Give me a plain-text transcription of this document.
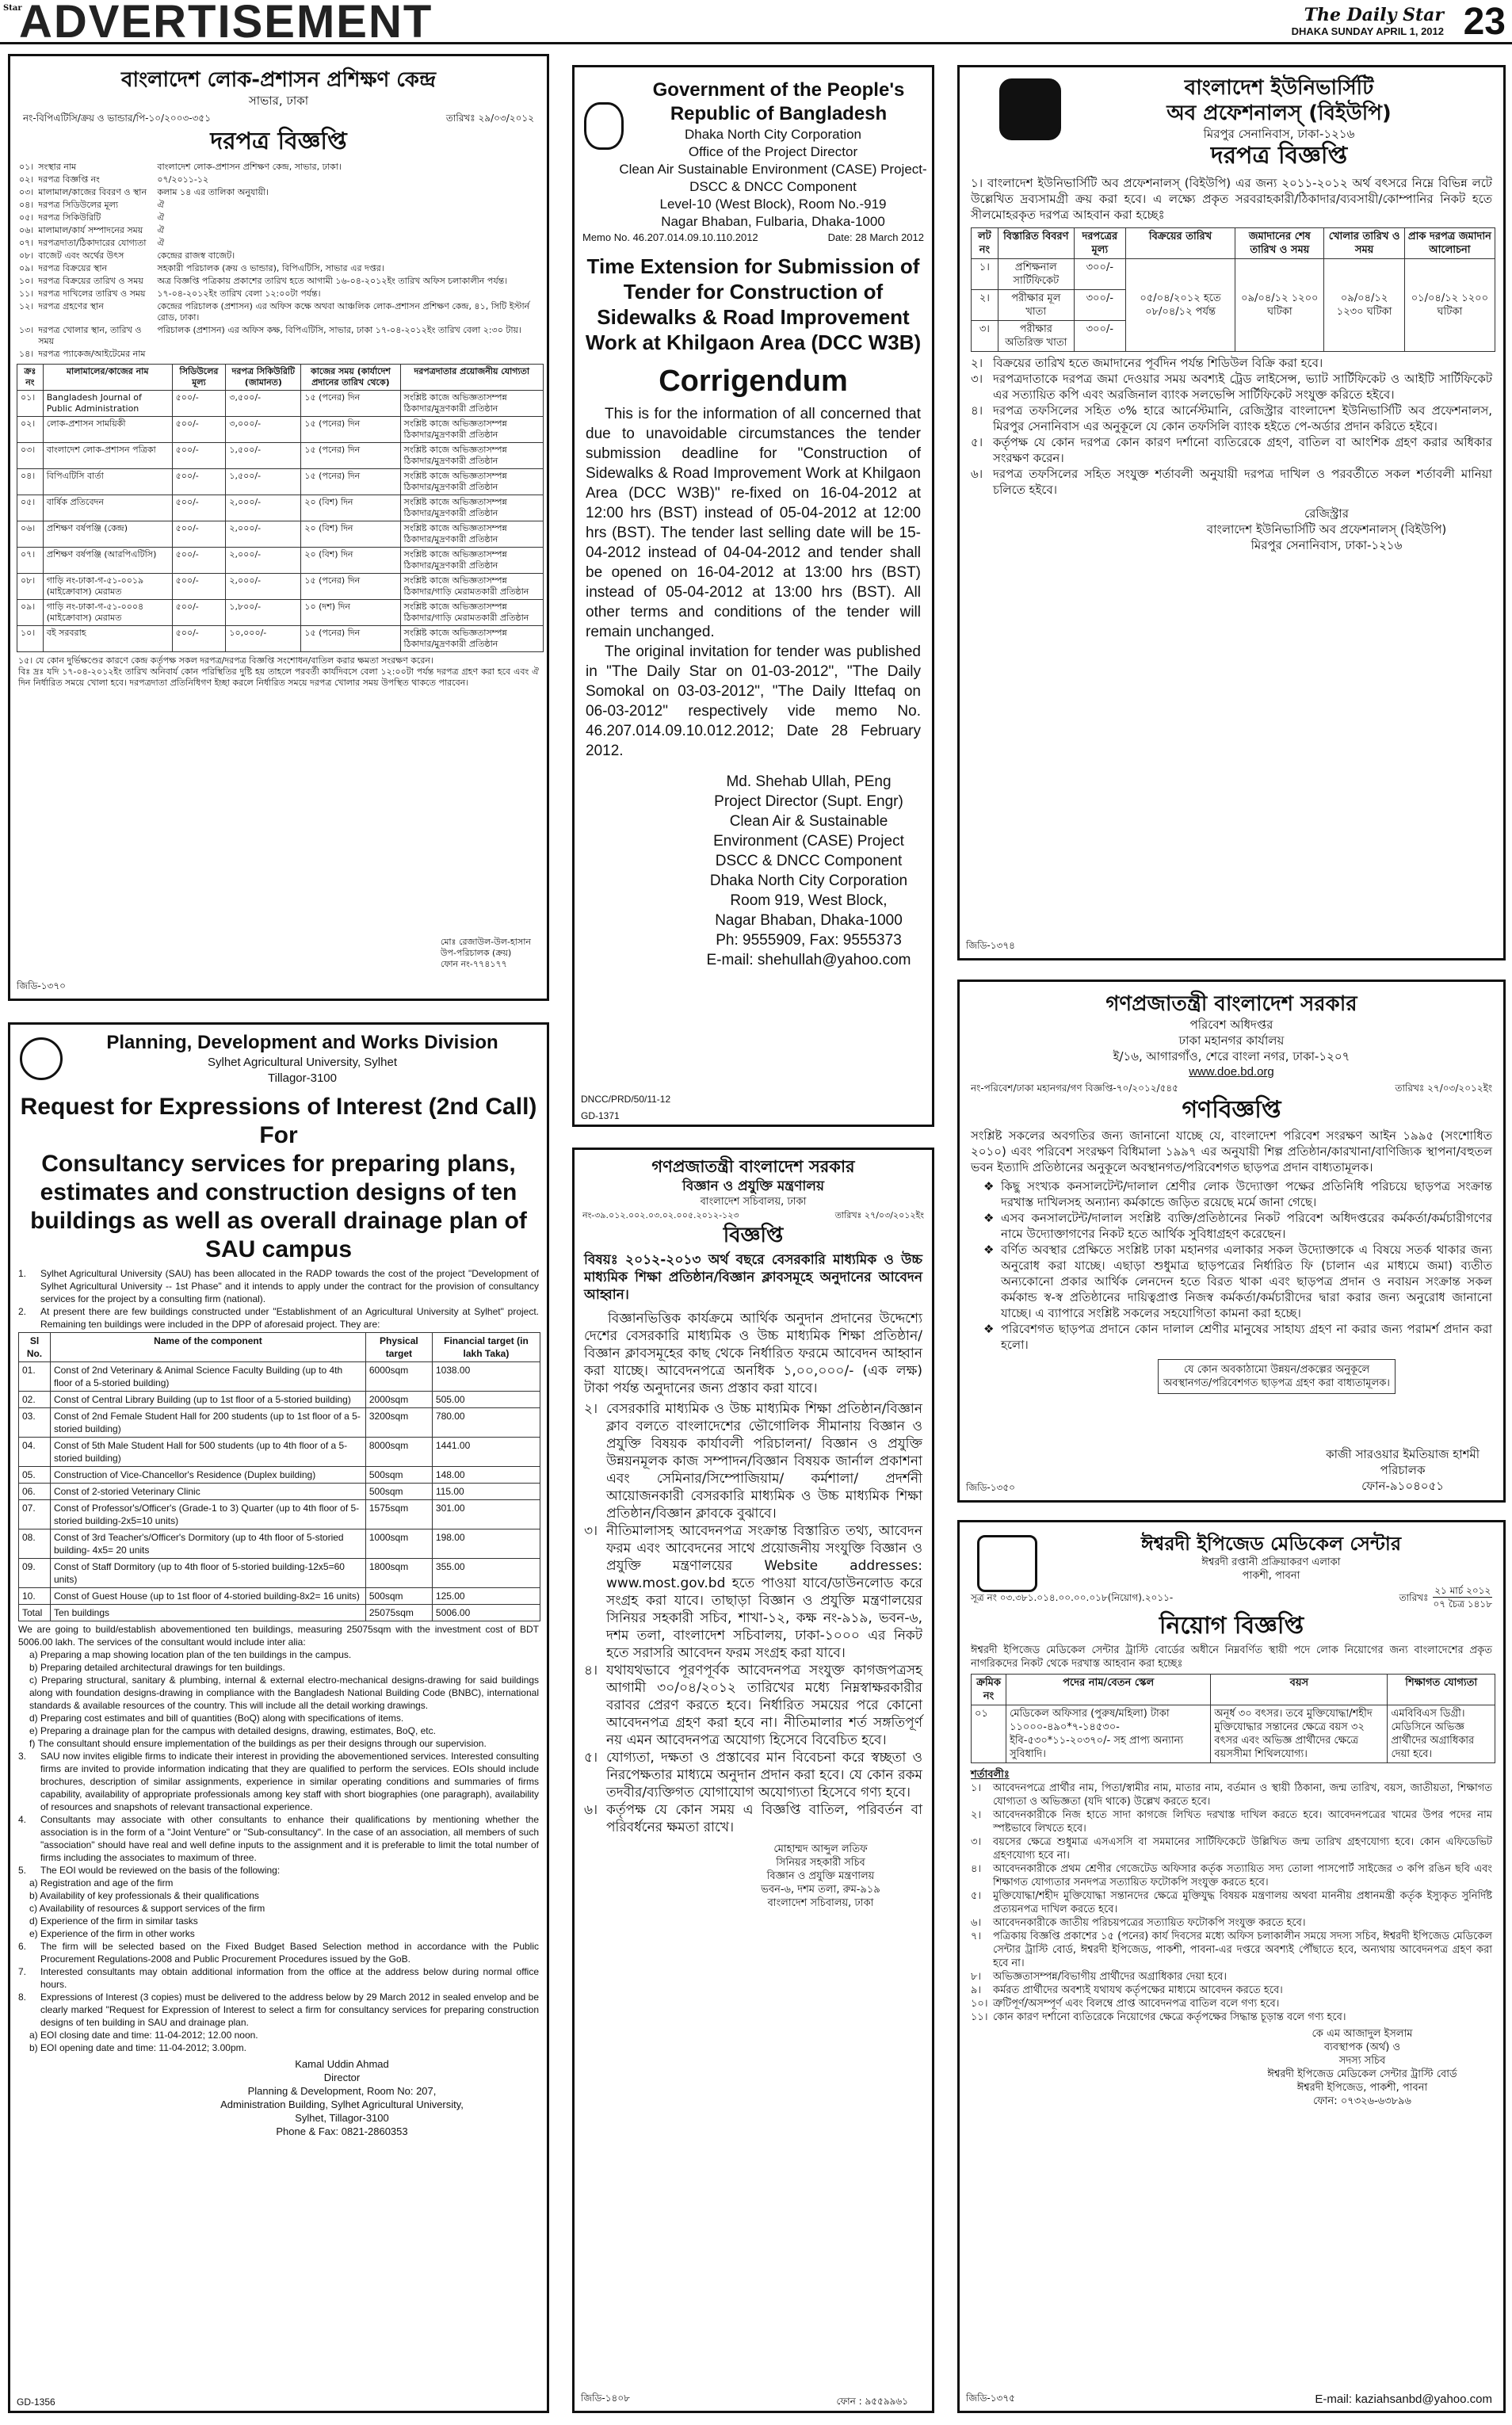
Star
ADVERTISEMENT	The Daily Star
DHAKA SUNDAY APRIL 1, 2012 23
বাংলাদেশ লোক-প্রশাসন প্রশিক্ষণ কেন্দ্র
সাভার, ঢাকা
নং-বিপিএটিসি/ক্রয় ও ভান্ডার/পি-১০/২০০৩-৩৫১	তারিখঃ ২৯/০৩/২০১২
দরপত্র বিজ্ঞপ্তি
০১।	সংস্থার নাম	বাংলাদেশ লোক-প্রশাসন প্রশিক্ষণ কেন্দ্র, সাভার, ঢাকা।
০২।	দরপত্র বিজ্ঞপ্তি নং	০৭/২০১১-১২
০৩।	মালামাল/কাজের বিবরণ ও স্থান	কলাম ১৪ এর তালিকা অনুযায়ী।
০৪।	দরপত্র সিডিউলের মূল্য	ঐ
০৫।	দরপত্র সিকিউরিটি	ঐ
০৬।	মালামাল/কার্য সম্পাদনের সময়	ঐ
০৭।	দরপত্রদাতা/ঠিকাদারের যোগ্যতা	ঐ
০৮।	বাজেট এবং অর্থের উৎস	কেন্দ্রের রাজস্ব বাজেট।
০৯।	দরপত্র বিক্রয়ের স্থান	সহকারী পরিচালক (ক্রয় ও ভান্ডার), বিপিএটিসি, সাভার এর দপ্তর।
১০।	দরপত্র বিক্রয়ের তারিখ ও সময়	অত্র বিজ্ঞপ্তি পত্রিকায় প্রকাশের তারিখ হতে আগামী ১৬-০৪-২০১২ইং তারিখ অফিস চলাকালীন পর্যন্ত।
১১।	দরপত্র দাখিলের তারিখ ও সময়	১৭-০৪-২০১২ইং তারিখ বেলা ১২:০০টা পর্যন্ত।
১২।	দরপত্র গ্রহণের স্থান	কেন্দ্রের পরিচালক (প্রশাসন) এর অফিস কক্ষে অথবা আঞ্চলিক লোক-প্রশাসন প্রশিক্ষণ কেন্দ্র, ৪১, সিটি ইস্টার্ন রোড, ঢাকা।
১৩।	দরপত্র খোলার স্থান, তারিখ ও সময়	পরিচালক (প্রশাসন) এর অফিস কক্ষ, বিপিএটিসি, সাভার, ঢাকা ১৭-০৪-২০১২ইং তারিখ বেলা ২:৩০ টায়।
১৪।	দরপত্র প্যাকেজ/আইটেমের নাম	
ক্রঃ নং	মালামালের/কাজের নাম	সিডিউলের মূল্য	দরপত্র সিকিউরিটি (জামানত)	কাজের সময় (কার্যাদেশ প্রদানের তারিখ থেকে)	দরপত্রদাতার প্রয়োজনীয় যোগ্যতা
০১।	Bangladesh Journal of Public Administration	৫০০/-	৩,৫০০/-	১৫ (পনের) দিন	সংশ্লিষ্ট কাজে অভিজ্ঞতাসম্পন্ন ঠিকাদার/মুদ্রণকারী প্রতিষ্ঠান
০২।	লোক-প্রশাসন সাময়িকী	৫০০/-	৩,০০০/-	১৫ (পনের) দিন	সংশ্লিষ্ট কাজে অভিজ্ঞতাসম্পন্ন ঠিকাদার/মুদ্রণকারী প্রতিষ্ঠান
০৩।	বাংলাদেশ লোক-প্রশাসন পত্রিকা	৫০০/-	১,৫০০/-	১৫ (পনের) দিন	সংশ্লিষ্ট কাজে অভিজ্ঞতাসম্পন্ন ঠিকাদার/মুদ্রণকারী প্রতিষ্ঠান
০৪।	বিপিএটিসি বার্তা	৫০০/-	১,৫০০/-	১৫ (পনের) দিন	সংশ্লিষ্ট কাজে অভিজ্ঞতাসম্পন্ন ঠিকাদার/মুদ্রণকারী প্রতিষ্ঠান
০৫।	বার্ষিক প্রতিবেদন	৫০০/-	২,০০০/-	২০ (বিশ) দিন	সংশ্লিষ্ট কাজে অভিজ্ঞতাসম্পন্ন ঠিকাদার/মুদ্রণকারী প্রতিষ্ঠান
০৬।	প্রশিক্ষণ বর্ষপঞ্জি (কেন্দ্র)	৫০০/-	২,০০০/-	২০ (বিশ) দিন	সংশ্লিষ্ট কাজে অভিজ্ঞতাসম্পন্ন ঠিকাদার/মুদ্রণকারী প্রতিষ্ঠান
০৭।	প্রশিক্ষণ বর্ষপঞ্জি (আরপিএটিসি)	৫০০/-	২,০০০/-	২০ (বিশ) দিন	সংশ্লিষ্ট কাজে অভিজ্ঞতাসম্পন্ন ঠিকাদার/মুদ্রণকারী প্রতিষ্ঠান
০৮।	গাড়ি নং-ঢাকা-গ-৫১-০০১৯ (মাইক্রোবাস) মেরামত	৫০০/-	২,০০০/-	১৫ (পনের) দিন	সংশ্লিষ্ট কাজে অভিজ্ঞতাসম্পন্ন ঠিকাদার/গাড়ি মেরামতকারী প্রতিষ্ঠান
০৯।	গাড়ি নং-ঢাকা-গ-৫১-০০০৪ (মাইক্রোবাস) মেরামত	৫০০/-	১,৮০০/-	১০ (দশ) দিন	সংশ্লিষ্ট কাজে অভিজ্ঞতাসম্পন্ন ঠিকাদার/গাড়ি মেরামতকারী প্রতিষ্ঠান
১০।	বই সরবরাহ	৫০০/-	১০,০০০/-	১৫ (পনের) দিন	সংশ্লিষ্ট কাজে অভিজ্ঞতাসম্পন্ন ঠিকাদার/মুদ্রণকারী প্রতিষ্ঠান
১৫। যে কোন দুর্ভিক্ষণ্ডের কারণে কেন্দ্র কর্তৃপক্ষ সকল দরপত্র/দরপত্র বিজ্ঞপ্তি সংশোধন/বাতিল করার ক্ষমতা সংরক্ষণ করেন।
বিঃ দ্রঃ যদি ১৭-০৪-২০১২ইং তারিখ অনিবার্য কোন পরিস্থিতির দুষ্টি হয় তাহলে পরবর্তী কার্যদিবসে বেলা ১২:০০টা পর্যন্ত দরপত্র গ্রহণ করা হবে এবং ঐ দিন নির্ধারিত সময়ে খোলা হবে। দরপত্রদাতা প্রতিনিধিগণ ইচ্ছা করলে নির্ধারিত সময়ে দরপত্র খোলার সময় উপস্থিত থাকতে পারবেন।
মোঃ রেজাউল-উল-হাসান
উপ-পরিচালক (ক্রয়)
ফোন নং-৭৭৪১৭৭
জিডি-১৩৭০
Government of the People's Republic of Bangladesh
Dhaka North City Corporation
Office of the Project Director
Clean Air Sustainable Environment (CASE) Project-DSCC & DNCC Component
Level-10 (West Block), Room No.-919
Nagar Bhaban, Fulbaria, Dhaka-1000
Memo No. 46.207.014.09.10.110.2012	Date: 28 March 2012
Time Extension for Submission of Tender for Construction of Sidewalks & Road Improvement Work at Khilgaon Area (DCC W3B)
Corrigendum
This is for the information of all concerned that due to unavoidable circumstances the tender submission deadline for "Construction of Sidewalks & Road Improvement Work at Khilgaon Area (DCC W3B)" re-fixed on 16-04-2012 at 12:00 hrs (BST) instead of 05-04-2012 at 12:00 hrs (BST). The tender last selling date will be 15-04-2012 instead of 04-04-2012 and tender shall be opened on 16-04-2012 at 13:00 hrs (BST) instead of 05-04-2012 at 13:00 hrs (BST). All other terms and conditions of the tender will remain unchanged.
The original invitation for tender was published in "The Daily Star on 01-03-2012", "The Daily Somokal on 03-03-2012", "The Daily Ittefaq on 06-03-2012" respectively vide memo No. 46.207.014.09.10.012.2012; Date 28 February 2012.
Md. Shehab Ullah, PEng
Project Director (Supt. Engr)
Clean Air & Sustainable
Environment (CASE) Project
DSCC & DNCC Component
Dhaka North City Corporation
Room 919, West Block,
Nagar Bhaban, Dhaka-1000
Ph: 9555909, Fax: 9555373
E-mail: shehullah@yahoo.com
DNCC/PRD/50/11-12
GD-1371
বাংলাদেশ ইউনিভার্সিটি
অব প্রফেশনালস্ (বিইউপি)
মিরপুর সেনানিবাস, ঢাকা-১২১৬
দরপত্র বিজ্ঞপ্তি
১। বাংলাদেশ ইউনিভার্সিটি অব প্রফেশনালস্ (বিইউপি) এর জন্য ২০১১-২০১২ অর্থ বৎসরে নিম্নে বিভিন্ন লটে উল্লেখিত দ্রব্যসামগ্রী ক্রয় করা হবে। এ লক্ষ্যে প্রকৃত সরবরাহকারী/ঠিকাদার/ব্যবসায়ী/কোম্পানির নিকট হতে সীলমোহরকৃত দরপত্র আহবান করা হচ্ছেঃ
লট নং	বিস্তারিত বিবরণ	দরপত্রের মূল্য	বিক্রয়ের তারিখ	জমাদানের শেষ তারিখ ও সময়	খোলার তারিখ ও সময়	প্রাক দরপত্র জমাদান আলোচনা
১।	প্রশিক্ষনাল সার্টিফিকেট	৩০০/-	০৫/০৪/২০১২ হতে ০৮/০৪/১২ পর্যন্ত	০৯/০৪/১২ ১২০০ ঘটিকা	০৯/০৪/১২ ১২৩০ ঘটিকা	০১/০৪/১২ ১২০০ ঘটিকা
২।	পরীক্ষার মূল খাতা	৩০০/-				
৩।	পরীক্ষার অতিরিক্ত খাতা	৩০০/-				
২। বিক্রয়ের তারিখ হতে জমাদানের পূর্বদিন পর্যন্ত শিডিউল বিক্রি করা হবে।
৩। দরপত্রদাতাকে দরপত্র জমা দেওয়ার সময় অবশ্যই ট্রেড লাইসেন্স, ভ্যাট সার্টিফিকেট ও আইটি সার্টিফিকেট এর সত্যায়িত কপি এবং অরজিনাল ব্যাংক সলভেন্সি সার্টিফিকেট সংযুক্ত করিতে হইবে।
৪। দরপত্র তফসিলের সহিত ৩% হারে আর্নেস্টমানি, রেজিস্ট্রার বাংলাদেশ ইউনিভার্সিটি অব প্রফেশনালস, মিরপুর সেনানিবাস এর অনুকূলে যে কোন তফসিলি ব্যাংক হইতে পে-অর্ডার প্রদান করিতে হইবে।
৫। কর্তৃপক্ষ যে কোন দরপত্র কোন কারণ দর্শানো ব্যতিরেকে গ্রহণ, বাতিল বা আংশিক গ্রহণ করার অধিকার সংরক্ষণ করেন।
৬। দরপত্র তফসিলের সহিত সংযুক্ত শর্তাবলী অনুযায়ী দরপত্র দাখিল ও পরবর্তীতে সকল শর্তাবলী মানিয়া চলিতে হইবে।
রেজিস্ট্রার
বাংলাদেশ ইউনিভার্সিটি অব প্রফেশনালস্ (বিইউপি)
মিরপুর সেনানিবাস, ঢাকা-১২১৬
জিডি-১৩৭৪
গণপ্রজাতন্ত্রী বাংলাদেশ সরকার
পরিবেশ অধিদপ্তর
ঢাকা মহানগর কার্যালয়
ই/১৬, আগারগাঁও, শেরে বাংলা নগর, ঢাকা-১২০৭
www.doe.bd.org
নং-পরিবেশ/ঢাকা মহানগর/গণ বিজ্ঞপ্তি-৭০/২০১২/৫৪৫	তারিখঃ ২৭/০৩/২০১২ইং
গণবিজ্ঞপ্তি
সংশ্লিষ্ট সকলের অবগতির জন্য জানানো যাচ্ছে যে, বাংলাদেশ পরিবেশ সংরক্ষণ আইন ১৯৯৫ (সংশোধিত ২০১০) এবং পরিবেশ সংরক্ষণ বিধিমালা ১৯৯৭ এর অনুযায়ী শিল্প প্রতিষ্ঠান/কারখানা/বাণিজ্যিক স্থাপনা/বহুতল ভবন ইত্যাদি প্রতিষ্ঠানের অনুকূলে অবস্থানগত/পরিবেশগত ছাড়পত্র প্রদান বাধ্যতামূলক।
❖ কিছু সংখ্যক কনসালটেন্ট/দালাল শ্রেণীর লোক উদ্যোক্তা পক্ষের প্রতিনিধি পরিচয়ে ছাড়পত্র সংক্রান্ত দরখাস্ত দাখিলসহ অন্যান্য কর্মকান্ডে জড়িত রয়েছে মর্মে জানা গেছে।
❖ এসব কনসালটেন্ট/দালাল সংশ্লিষ্ট ব্যক্তি/প্রতিষ্ঠানের নিকট পরিবেশ অধিদপ্তরের কর্মকর্তা/কর্মচারীগণের নামে উদ্যোক্তাগণের নিকট হতে আর্থিক সুবিধাগ্রহণ করেছেন।
❖ বর্ণিত অবস্থার প্রেক্ষিতে সংশ্লিষ্ট ঢাকা মহানগর এলাকার সকল উদ্যোক্তাকে এ বিষয়ে সতর্ক থাকার জন্য অনুরোধ করা যাচ্ছে। এছাড়া শুধুমাত্র ছাড়পত্রের নির্ধারিত ফি (চালান এর মাধ্যমে জমা) ব্যতীত অন্যকোনো প্রকার আর্থিক লেনদেন হতে বিরত থাকা এবং ছাড়পত্র প্রদান ও নবায়ন সংক্রান্ত সকল কর্মকান্ড স্ব-স্ব প্রতিষ্ঠানের দায়িত্বপ্রাপ্ত নিজস্ব কর্মকর্তা/কর্মচারীদের দ্বারা করার জন্য অনুরোধ জানানো যাচ্ছে। এ ব্যাপারে সংশ্লিষ্ট সকলের সহযোগিতা কামনা করা হচ্ছে।
❖ পরিবেশগত ছাড়পত্র প্রদানে কোন দালাল শ্রেণীর মানুষের সাহায্য গ্রহণ না করার জন্য পরামর্শ প্রদান করা হলো।
যে কোন অবকাঠামো উন্নয়ন/প্রকল্পের অনুকূলে অবস্থানগত/পরিবেশগত ছাড়পত্র গ্রহণ করা বাধ্যতামূলক।
কাজী সারওয়ার ইমতিয়াজ হাশমী
পরিচালক
ফোন-৯১০৪০৫১
জিডি-১৩৫০
Planning, Development and Works Division
Sylhet Agricultural University, Sylhet
Tillagor-3100
Request for Expressions of Interest (2nd Call)
For
Consultancy services for preparing plans, estimates and construction designs of ten buildings as well as overall drainage plan of SAU campus
1.	Sylhet Agricultural University (SAU) has been allocated in the RADP towards the cost of the project "Development of Sylhet Agricultural University -- 1st Phase" and it intends to apply under the contract for the provision of consultancy services for the project by a consulting firm (national).
2.	At present there are few buildings constructed under "Establishment of an Agricultural University at Sylhet" project. Remaining ten buildings were included in the DPP of aforesaid project. They are:
Sl No.	Name of the component	Physical target	Financial target (in lakh Taka)
01.	Const of 2nd Veterinary & Animal Science Faculty Building (up to 4th floor of a 5-storied building)	6000sqm	1038.00
02.	Const of Central Library Building (up to 1st floor of a 5-storied building)	2000sqm	505.00
03.	Const of 2nd Female Student Hall for 200 students (up to 1st floor of a 5-storied building)	3200sqm	780.00
04.	Const of 5th Male Student Hall for 500 students (up to 4th floor of a 5-storied building)	8000sqm	1441.00
05.	Construction of Vice-Chancellor's Residence (Duplex building)	500sqm	148.00
06.	Const of 2-storied Veterinary Clinic	500sqm	115.00
07.	Const of Professor's/Officer's (Grade-1 to 3) Quarter (up to 4th floor of 5-storied building-2x5=10 units)	1575sqm	301.00
08.	Const of 3rd Teacher's/Officer's Dormitory (up to 4th floor of 5-storied building- 4x5= 20 units	1000sqm	198.00
09.	Const of Staff Dormitory (up to 4th floor of 5-storied building-12x5=60 units)	1800sqm	355.00
10.	Const of Guest House (up to 1st floor of 4-storied building-8x2= 16 units)	500sqm	125.00
Total	Ten buildings	25075sqm	5006.00
We are going to build/establish abovementioned ten buildings, measuring 25075sqm with the investment cost of BDT 5006.00 lakh. The services of the consultant would include inter alia:
a) Preparing a map showing location plan of the ten buildings in the campus.
b) Preparing detailed architectural drawings for ten buildings.
c) Preparing structural, sanitary & plumbing, internal & external electro-mechanical designs-drawing for said buildings along with foundation designs-drawing in compliance with the Bangladesh National Building Code (BNBC), international standards & available resources of the country. This will include all the detail working drawings.
d) Preparing cost estimates and bill of quantities (BoQ) along with specifications of items.
e) Preparing a drainage plan for the campus with detailed designs, drawing, estimates, BoQ, etc.
f) The consultant should ensure implementation of the buildings as per their designs through our supervision.
3.	SAU now invites eligible firms to indicate their interest in providing the abovementioned services. Interested consulting firms are invited to provide information indicating that they are qualified to perform the services. EOIs should include brochures, description of similar assignments, experience in similar operating conditions and summaries of firms capability, availability of appropriate professionals among key staff with short biographies (one paragraph), availability of resources and snapshots of relevant transactional experience.
4.	Consultants may associate with other consultants to enhance their qualifications by mentioning whether the association is in the form of a "Joint Venture" or "Sub-consultancy". In the case of an association, all members of such "association" should have real and well define inputs to the assignment and it is preferable to limit the total number of firms including the associates to maximum of three.
5.	The EOI would be reviewed on the basis of the following:
a) Registration and age of the firm
b) Availability of key professionals & their qualifications
c) Availability of resources & support services of the firm
d) Experience of the firm in similar tasks
e) Experience of the firm in other works
6.	The firm will be selected based on the Fixed Budget Based Selection method in accordance with the Public Procurement Regulations-2008 and Public Procurement Procedures issued by the GoB.
7.	Interested consultants may obtain additional information from the office at the address below during normal office hours.
8.	Expressions of Interest (3 copies) must be delivered to the address below by 29 March 2012 in sealed envelop and be clearly marked "Request for Expression of Interest to select a firm for consultancy services for preparing construction designs of ten building in SAU and drainage plan.
a) EOI closing date and time: 11-04-2012; 12.00 noon.
b) EOI opening date and time: 11-04-2012; 3.00pm.
Kamal Uddin Ahmad
Director
Planning & Development, Room No: 207,
Administration Building, Sylhet Agricultural University,
Sylhet, Tillagor-3100
Phone & Fax: 0821-2860353
GD-1356
গণপ্রজাতন্ত্রী বাংলাদেশ সরকার
বিজ্ঞান ও প্রযুক্তি মন্ত্রণালয়
বাংলাদেশ সচিবালয়, ঢাকা
নং-৩৯.০১২.০০২.০৩.০২.০০৫.২০১২-১২৩	তারিখঃ ২৭/০৩/২০১২ইং
বিজ্ঞপ্তি
বিষয়ঃ ২০১২-২০১৩ অর্থ বছরে বেসরকারি মাধ্যমিক ও উচ্চ মাধ্যমিক শিক্ষা প্রতিষ্ঠান/বিজ্ঞান ক্লাবসমূহে অনুদানের আবেদন আহ্বান।
বিজ্ঞানভিত্তিক কার্যক্রমে আর্থিক অনুদান প্রদানের উদ্দেশ্যে দেশের বেসরকারি মাধ্যমিক ও উচ্চ মাধ্যমিক শিক্ষা প্রতিষ্ঠান/বিজ্ঞান ক্লাবসমূহের কাছ থেকে নির্ধারিত ফরমে আবেদন আহ্বান করা যাচ্ছে। আবেদনপত্রে অনধিক ১,০০,০০০/- (এক লক্ষ) টাকা পর্যন্ত অনুদানের জন্য প্রস্তাব করা যাবে।
২। বেসরকারি মাধ্যমিক ও উচ্চ মাধ্যমিক শিক্ষা প্রতিষ্ঠান/বিজ্ঞান ক্লাব বলতে বাংলাদেশের ভৌগোলিক সীমানায় বিজ্ঞান ও প্রযুক্তি বিষয়ক কার্যাবলী পরিচালনা/ বিজ্ঞান ও প্রযুক্তি উন্নয়নমূলক কাজ সম্পাদন/বিজ্ঞান বিষয়ক জার্নাল প্রকাশনা এবং সেমিনার/সিম্পোজিয়াম/ কর্মশালা/ প্রদর্শনী আয়োজনকারী বেসরকারি মাধ্যমিক ও উচ্চ মাধ্যমিক শিক্ষা প্রতিষ্ঠান/বিজ্ঞান ক্লাবকে বুঝাবে।
৩। নীতিমালাসহ আবেদনপত্র সংক্রান্ত বিস্তারিত তথ্য, আবেদন ফরম এবং আবেদনের সাথে প্রয়োজনীয় সংযুক্তি বিজ্ঞান ও প্রযুক্তি মন্ত্রণালয়ের Website addresses: www.most.gov.bd হতে পাওয়া যাবে/ডাউনলোড করে সংগ্রহ করা যাবে। তাছাড়া বিজ্ঞান ও প্রযুক্তি মন্ত্রণালয়ের সিনিয়র সহকারী সচিব, শাখা-১২, কক্ষ নং-৯১৯, ভবন-৬, দশম তলা, বাংলাদেশ সচিবালয়, ঢাকা-১০০০ এর নিকট হতে সরাসরি আবেদন ফরম সংগ্রহ করা যাবে।
৪। যথাযথভাবে পূরণপূর্বক আবেদনপত্র সংযুক্ত কাগজপত্রসহ আগামী ৩০/০৪/২০১২ তারিখের মধ্যে নিম্নস্বাক্ষরকারীর বরাবর প্রেরণ করতে হবে। নির্ধারিত সময়ের পরে কোনো আবেদনপত্র গ্রহণ করা হবে না। নীতিমালার শর্ত সঙ্গতিপূর্ণ নয় এমন আবেদনপত্র অযোগ্য হিসেবে বিবেচিত হবে।
৫। যোগ্যতা, দক্ষতা ও প্রস্তাবের মান বিবেচনা করে স্বচ্ছতা ও নিরপেক্ষতার মাধ্যমে অনুদান প্রদান করা হবে। যে কোন রকম তদবীর/ব্যক্তিগত যোগাযোগ অযোগ্যতা হিসেবে গণ্য হবে।
৬। কর্তৃপক্ষ যে কোন সময় এ বিজ্ঞপ্তি বাতিল, পরিবর্তন বা পরিবর্ধনের ক্ষমতা রাখে।
মোহাম্মদ আব্দুল লতিফ
সিনিয়র সহকারী সচিব
বিজ্ঞান ও প্রযুক্তি মন্ত্রণালয়
ভবন-৬, দশম তলা, রুম-৯১৯
বাংলাদেশ সচিবালয়, ঢাকা
জিডি-১৪০৮	ফোন : ৯৫৫৯৯৬১
ঈশ্বরদী ইপিজেড মেডিকেল সেন্টার
ঈশ্বরদী রপ্তানী প্রক্রিয়াকরণ এলাকা
পাকশী, পাবনা
সূত্র নং ০৩.৩৮১.০১৪.০০.০০.০১৮(নিয়োগ).২০১১-	তারিখঃ
২১ মার্চ ২০১২
০৭ চৈত্র ১৪১৮
নিয়োগ বিজ্ঞপ্তি
ঈশ্বরদী ইপিজেড মেডিকেল সেন্টার ট্রাস্টি বোর্ডের অধীনে নিম্নবর্ণিত স্থায়ী পদে লোক নিয়োগের জন্য বাংলাদেশের প্রকৃত নাগরিকদের নিকট থেকে দরখাস্ত আহবান করা হচ্ছেঃ
ক্রমিক নং	পদের নাম/বেতন স্কেল	বয়স	শিক্ষাগত যোগ্যতা
০১	মেডিকেল অফিসার (পুরুষ/মহিলা) টাকা ১১০০০-৪৯০*৭-১৪৫৩০-ইবি-৫৩০*১১-২০৩৭০/- সহ প্রাপ্য অন্যান্য সুবিধাদি।	অনূর্ধ ৩০ বৎসর। তবে মুক্তিযোদ্ধা/শহীদ মুক্তিযোদ্ধার সন্তানের ক্ষেত্রে বয়স ৩২ বৎসর এবং অভিজ্ঞ প্রার্থীদের ক্ষেত্রে বয়সসীমা শিথিলযোগ্য।	এমবিবিএস ডিগ্রী। মেডিসিনে অভিজ্ঞ প্রার্থীদের অগ্রাধিকার দেয়া হবে।
শর্তাবলীঃ
১।	আবেদনপত্রে প্রার্থীর নাম, পিতা/স্বামীর নাম, মাতার নাম, বর্তমান ও স্থায়ী ঠিকানা, জন্ম তারিখ, বয়স, জাতীয়তা, শিক্ষাগত যোগ্যতা ও অভিজ্ঞতা (যদি থাকে) উল্লেখ করতে হবে।
২।	আবেদনকারীকে নিজ হাতে সাদা কাগজে লিখিত দরখাস্ত দাখিল করতে হবে। আবেদনপত্রের খামের উপর পদের নাম স্পষ্টভাবে লিখতে হবে।
৩।	বয়সের ক্ষেত্রে শুধুমাত্র এসএসসি বা সমমানের সার্টিফিকেটে উল্লিখিত জন্ম তারিখ গ্রহণযোগ্য হবে। কোন এফিডেভিট গ্রহণযোগ্য হবে না।
৪।	আবেদনকারীকে প্রথম শ্রেণীর গেজেটেড অফিসার কর্তৃক সত্যায়িত সদ্য তোলা পাসপোর্ট সাইজের ৩ কপি রঙিন ছবি এবং শিক্ষাগত যোগ্যতার সনদপত্র সত্যায়িত ফটোকপি সংযুক্ত করতে হবে।
৫।	মুক্তিযোদ্ধা/শহীদ মুক্তিযোদ্ধা সন্তানদের ক্ষেত্রে মুক্তিযুদ্ধ বিষয়ক মন্ত্রণালয় অথবা মাননীয় প্রধানমন্ত্রী কর্তৃক ইস্যুকৃত সুনির্দিষ্ট প্রত্যয়নপত্র দাখিল করতে হবে।
৬।	আবেদনকারীকে জাতীয় পরিচয়পত্রের সত্যায়িত ফটোকপি সংযুক্ত করতে হবে।
৭।	পত্রিকায় বিজ্ঞপ্তি প্রকাশের ১৫ (পনের) কার্য দিবসের মধ্যে অফিস চলাকালীন সময়ে সদস্য সচিব, ঈশ্বরদী ইপিজেড মেডিকেল সেন্টার ট্রাস্টি বোর্ড, ঈশ্বরদী ইপিজেড, পাকশী, পাবনা-এর দপ্তরে অবশ্যই পৌঁছাতে হবে, অন্যথায় আবেদনপত্র গ্রহণ করা হবে না।
৮।	অভিজ্ঞতাসম্পন্ন/বিভাগীয় প্রার্থীদের অগ্রাধিকার দেয়া হবে।
৯।	কর্মরত প্রার্থীদের অবশ্যই যথাযথ কর্তৃপক্ষের মাধ্যমে আবেদন করতে হবে।
১০। ত্রুটিপূর্ণ/অসম্পূর্ণ এবং বিলম্বে প্রাপ্ত আবেদনপত্র বাতিল বলে গণ্য হবে।
১১। কোন কারণ দর্শানো ব্যতিরেকে নিয়োগের ক্ষেত্রে কর্তৃপক্ষের সিদ্ধান্ত চূড়ান্ত বলে গণ্য হবে।
কে এম আজাদুল ইসলাম
ব্যবস্থাপক (অর্থ) ও
সদস্য সচিব
ঈশ্বরদী ইপিজেড মেডিকেল সেন্টার ট্রাস্টি বোর্ড
ঈশ্বরদী ইপিজেড, পাকশী, পাবনা
ফোন: ০৭৩২৬-৬৩৮৯৬
জিডি-১৩৭৫	E-mail: kaziahsanbd@yahoo.com
